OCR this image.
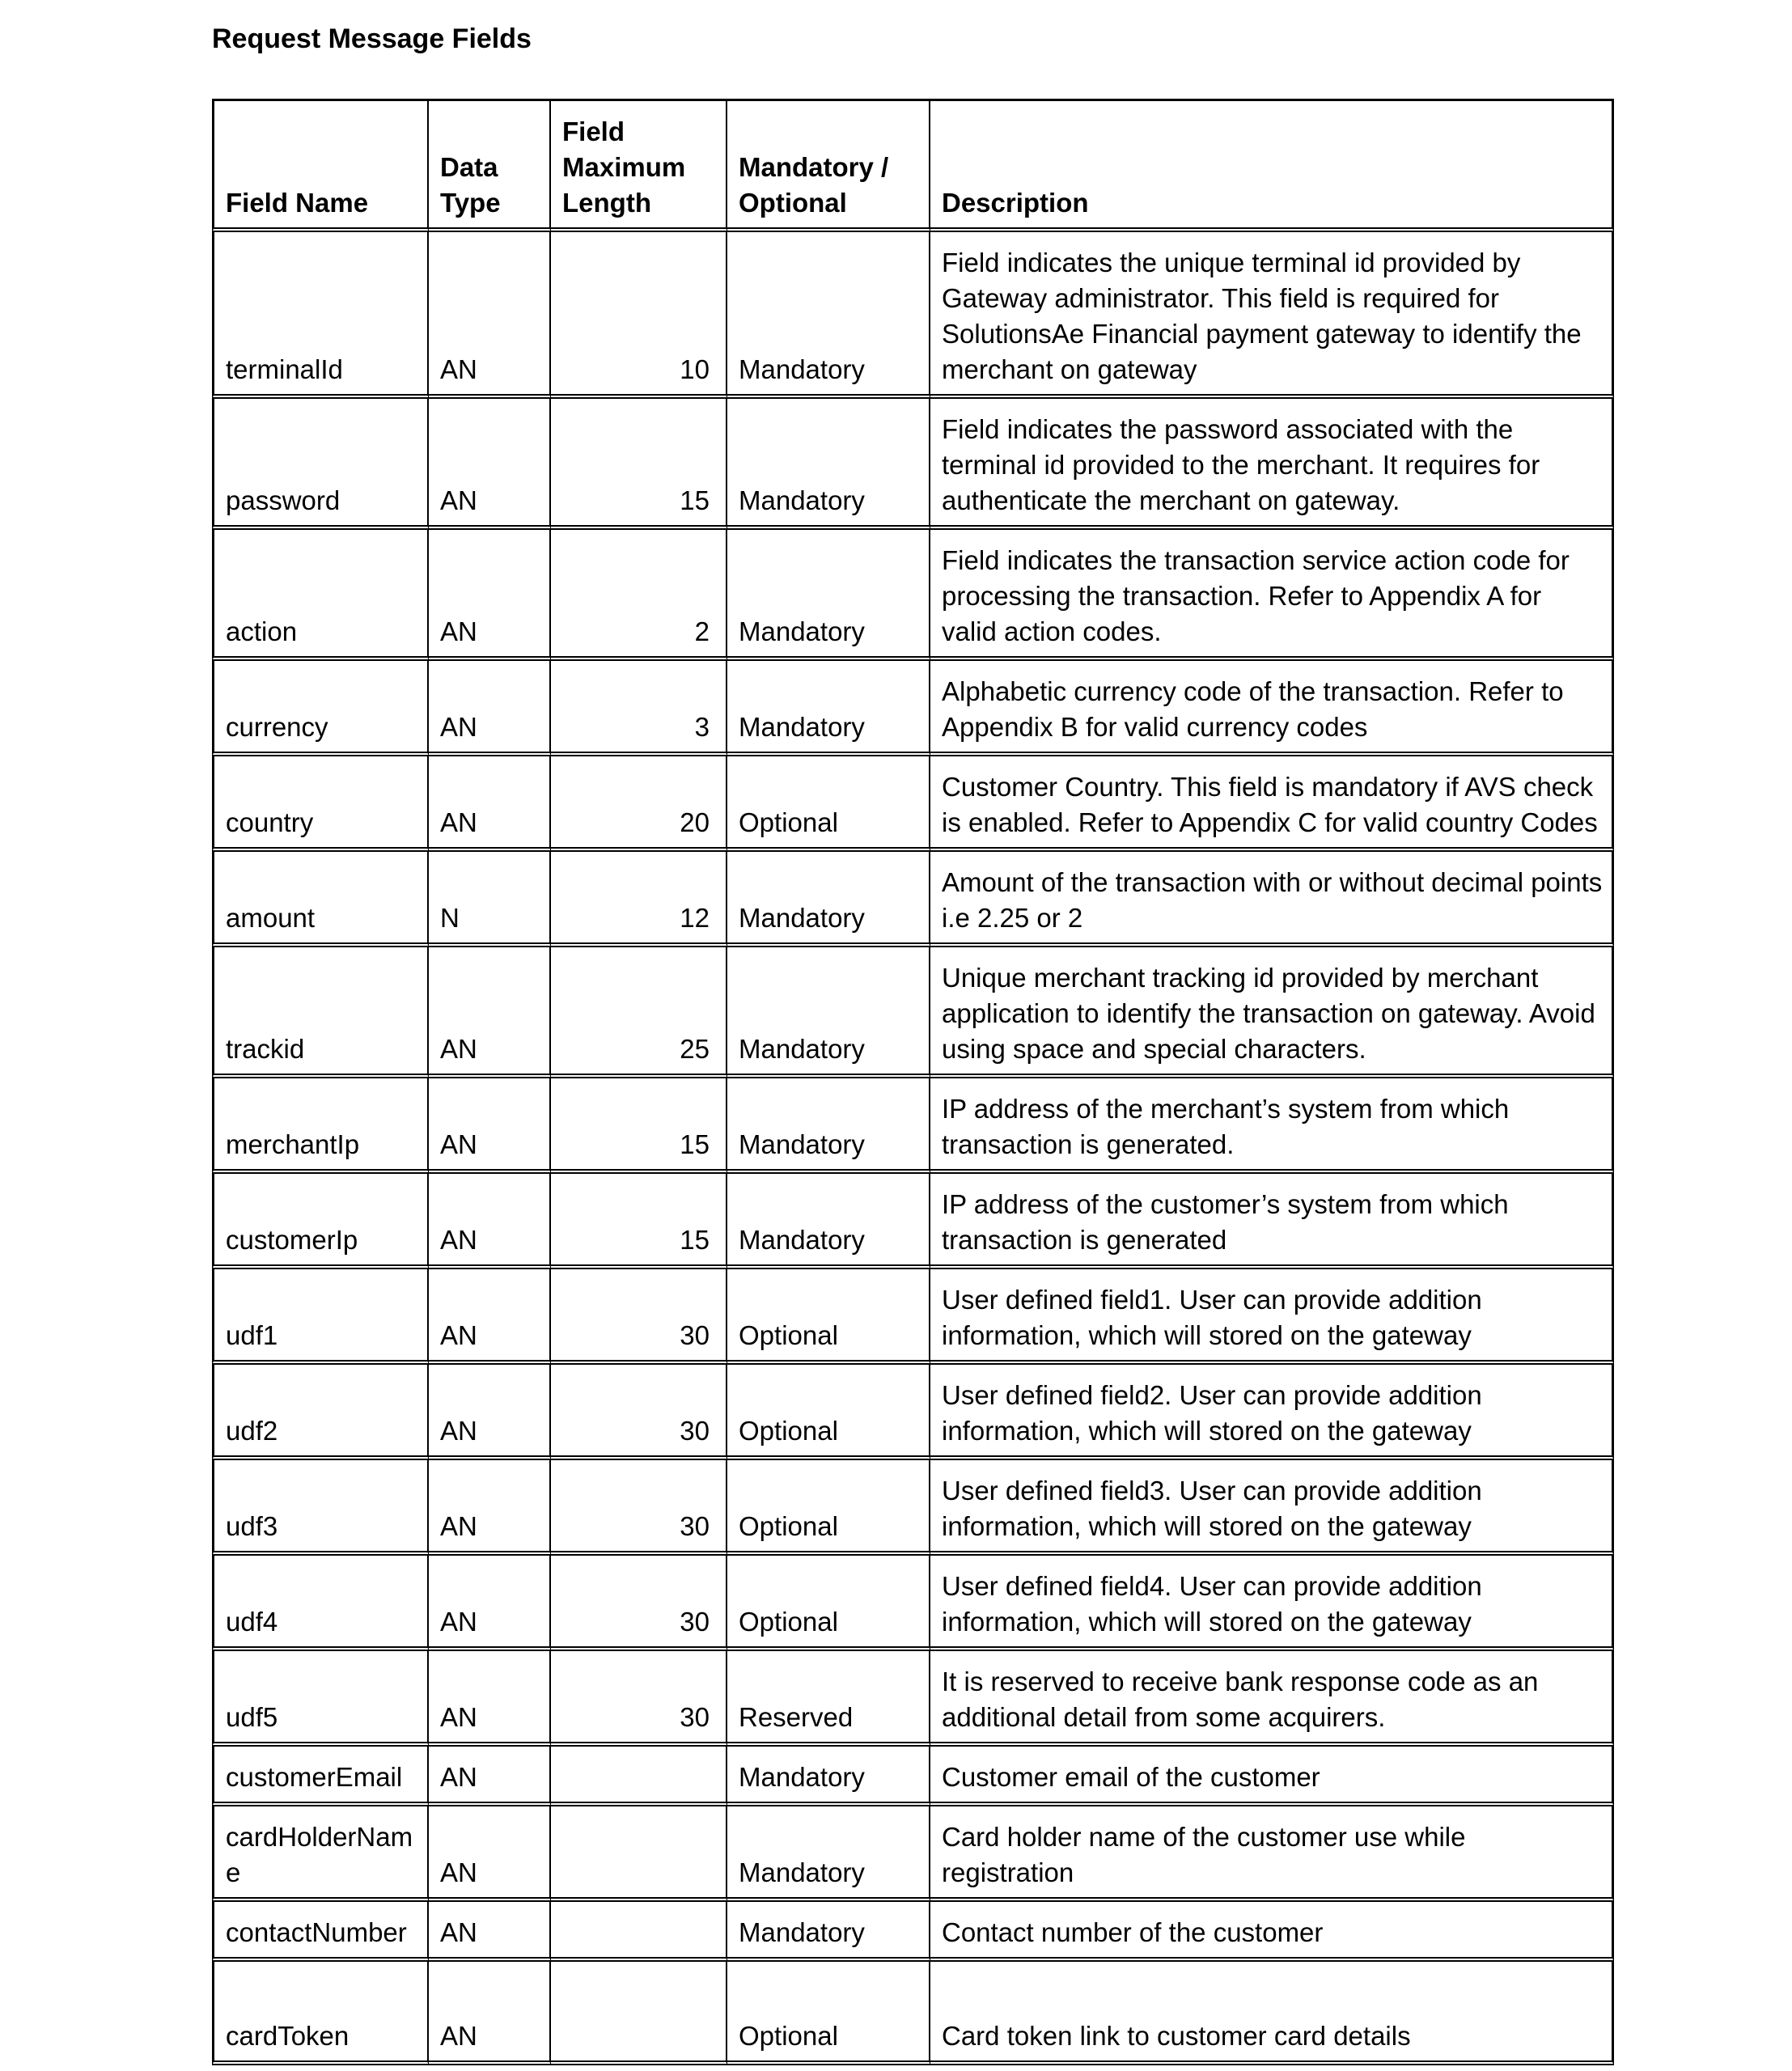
Request Message Fields

Field Name	Data Type	Field Maximum Length	Mandatory / Optional	Description
terminalId	AN	10	Mandatory	Field indicates the unique terminal id provided by Gateway administrator. This field is required for SolutionsAe Financial payment gateway to identify the merchant on gateway
password	AN	15	Mandatory	Field indicates the password associated with the terminal id provided to the merchant. It requires for authenticate the merchant on gateway.
action	AN	2	Mandatory	Field indicates the transaction service action code for processing the transaction. Refer to Appendix A for valid action codes.
currency	AN	3	Mandatory	Alphabetic currency code of the transaction. Refer to Appendix B for valid currency codes
country	AN	20	Optional	Customer Country. This field is mandatory if AVS check is enabled. Refer to Appendix C for valid country Codes
amount	N	12	Mandatory	Amount of the transaction with or without decimal points i.e 2.25 or 2
trackid	AN	25	Mandatory	Unique merchant tracking id provided by merchant application to identify the transaction on gateway. Avoid using space and special characters.
merchantIp	AN	15	Mandatory	IP address of the merchant’s system from which transaction is generated.
customerIp	AN	15	Mandatory	IP address of the customer’s system from which transaction is generated
udf1	AN	30	Optional	User defined field1. User can provide addition information, which will stored on the gateway
udf2	AN	30	Optional	User defined field2. User can provide addition information, which will stored on the gateway
udf3	AN	30	Optional	User defined field3. User can provide addition information, which will stored on the gateway
udf4	AN	30	Optional	User defined field4. User can provide addition information, which will stored on the gateway
udf5	AN	30	Reserved	It is reserved to receive bank response code as an additional detail from some acquirers.
customerEmail	AN		Mandatory	Customer email of the customer
cardHolderName	AN		Mandatory	Card holder name of the customer use while registration
contactNumber	AN		Mandatory	Contact number of the customer
cardToken	AN		Optional	Card token link to customer card details
